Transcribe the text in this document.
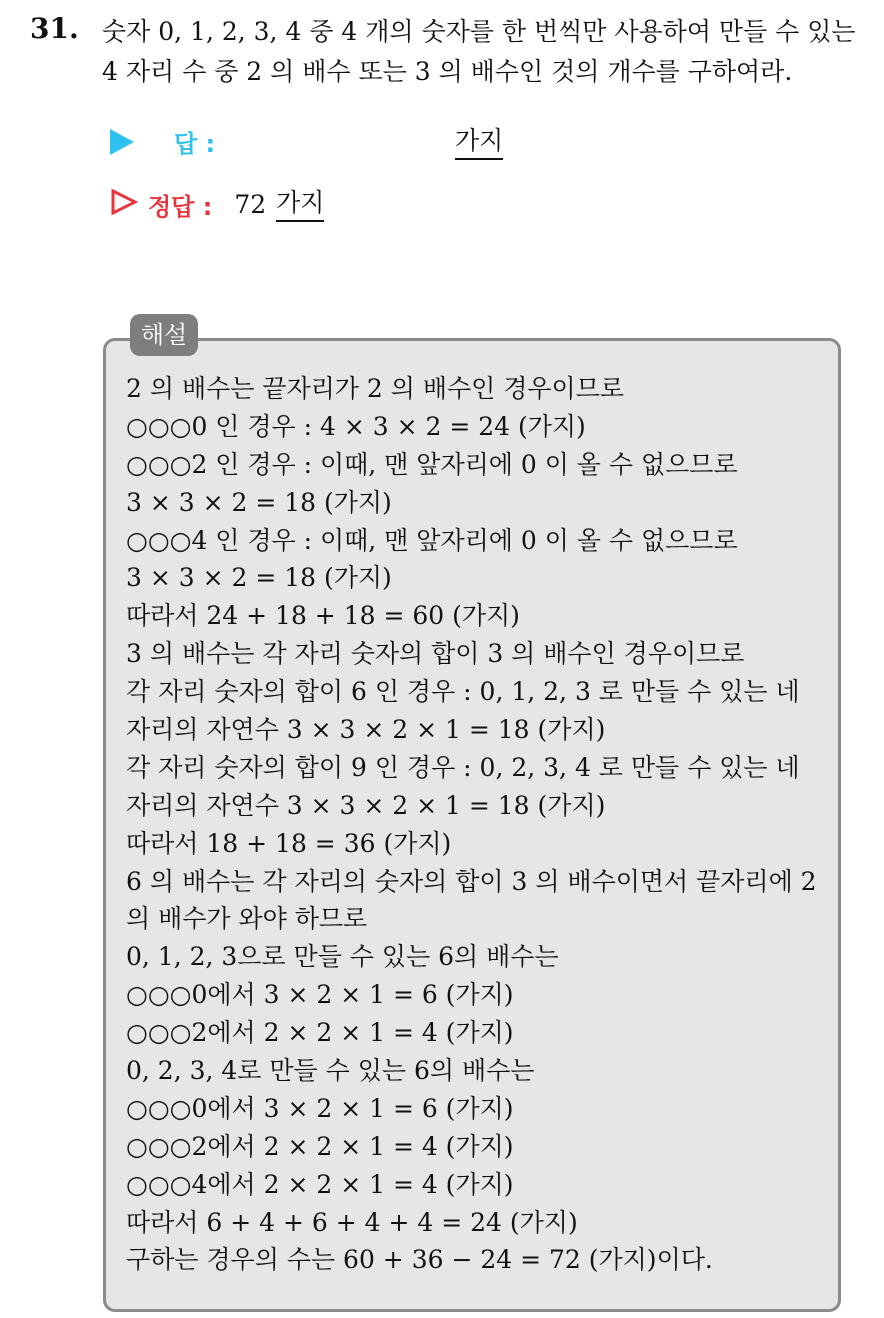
31. 숫자 0, 1, 2, 3, 4 중 4 개의 숫자를 한 번씩만 사용하여 만들 수 있는
4 자리 수 중 2 의 배수 또는 3 의 배수인 것의 개수를 구하여라.
답 :	가지
정답 : 72 가지
해설
2 의 배수는 끝자리가 2 의 배수인 경우이므로
○○○0 인 경우 : 4 × 3 × 2 = 24 (가지)
○○○2 인 경우 : 이때, 맨 앞자리에 0 이 올 수 없으므로
3 × 3 × 2 = 18 (가지)
○○○4 인 경우 : 이때, 맨 앞자리에 0 이 올 수 없으므로
3 × 3 × 2 = 18 (가지)
따라서 24 + 18 + 18 = 60 (가지)
3 의 배수는 각 자리 숫자의 합이 3 의 배수인 경우이므로
각 자리 숫자의 합이 6 인 경우 : 0, 1, 2, 3 로 만들 수 있는 네
자리의 자연수 3 × 3 × 2 × 1 = 18 (가지)
각 자리 숫자의 합이 9 인 경우 : 0, 2, 3, 4 로 만들 수 있는 네
자리의 자연수 3 × 3 × 2 × 1 = 18 (가지)
따라서 18 + 18 = 36 (가지)
6 의 배수는 각 자리의 숫자의 합이 3 의 배수이면서 끝자리에 2
의 배수가 와야 하므로
0, 1, 2, 3으로 만들 수 있는 6의 배수는
○○○0에서 3 × 2 × 1 = 6 (가지)
○○○2에서 2 × 2 × 1 = 4 (가지)
0, 2, 3, 4로 만들 수 있는 6의 배수는
○○○0에서 3 × 2 × 1 = 6 (가지)
○○○2에서 2 × 2 × 1 = 4 (가지)
○○○4에서 2 × 2 × 1 = 4 (가지)
따라서 6 + 4 + 6 + 4 + 4 = 24 (가지)
구하는 경우의 수는 60 + 36 − 24 = 72 (가지)이다.
